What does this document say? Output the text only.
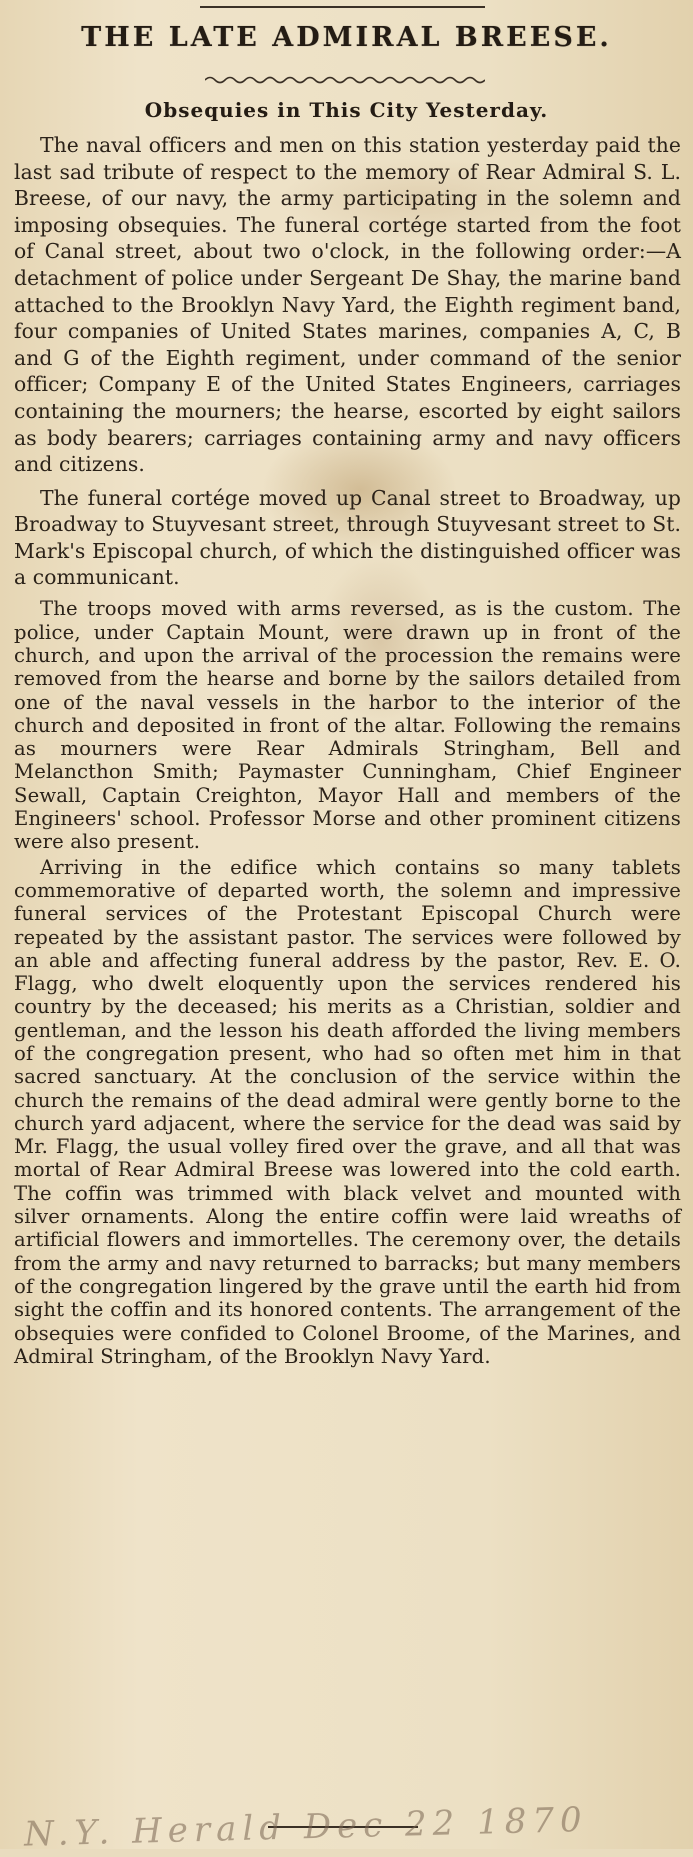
THE LATE ADMIRAL BREESE.
Obsequies in This City Yesterday.
The naval officers and men on this station yesterday paid the last sad tribute of respect to the memory of Rear Admiral S. L. Breese, of our navy, the army participating in the solemn and imposing obsequies. The funeral cortége started from the foot of Canal street, about two o'clock, in the following order:—A detachment of police under Sergeant De Shay, the marine band attached to the Brooklyn Navy Yard, the Eighth regiment band, four companies of United States marines, companies A, C, B and G of the Eighth regiment, under command of the senior officer; Company E of the United States Engineers, carriages containing the mourners; the hearse, escorted by eight sailors as body bearers; carriages containing army and navy officers and citizens.
The funeral cortége moved up Canal street to Broadway, up Broadway to Stuyvesant street, through Stuyvesant street to St. Mark's Episcopal church, of which the distinguished officer was a communicant.
The troops moved with arms reversed, as is the custom. The police, under Captain Mount, were drawn up in front of the church, and upon the arrival of the procession the remains were removed from the hearse and borne by the sailors detailed from one of the naval vessels in the harbor to the interior of the church and deposited in front of the altar. Following the remains as mourners were Rear Admirals Stringham, Bell and Melancthon Smith; Paymaster Cunningham, Chief Engineer Sewall, Captain Creighton, Mayor Hall and members of the Engineers' school. Professor Morse and other prominent citizens were also present.
Arriving in the edifice which contains so many tablets commemorative of departed worth, the solemn and impressive funeral services of the Protestant Episcopal Church were repeated by the assistant pastor. The services were followed by an able and affecting funeral address by the pastor, Rev. E. O. Flagg, who dwelt eloquently upon the services rendered his country by the deceased; his merits as a Christian, soldier and gentleman, and the lesson his death afforded the living members of the congregation present, who had so often met him in that sacred sanctuary. At the conclusion of the service within the church the remains of the dead admiral were gently borne to the church yard adjacent, where the service for the dead was said by Mr. Flagg, the usual volley fired over the grave, and all that was mortal of Rear Admiral Breese was lowered into the cold earth. The coffin was trimmed with black velvet and mounted with silver ornaments. Along the entire coffin were laid wreaths of artificial flowers and immortelles. The ceremony over, the details from the army and navy returned to barracks; but many members of the congregation lingered by the grave until the earth hid from sight the coffin and its honored contents. The arrangement of the obsequies were confided to Colonel Broome, of the Marines, and Admiral Stringham, of the Brooklyn Navy Yard.
N.Y. Herald Dec 22 1870
